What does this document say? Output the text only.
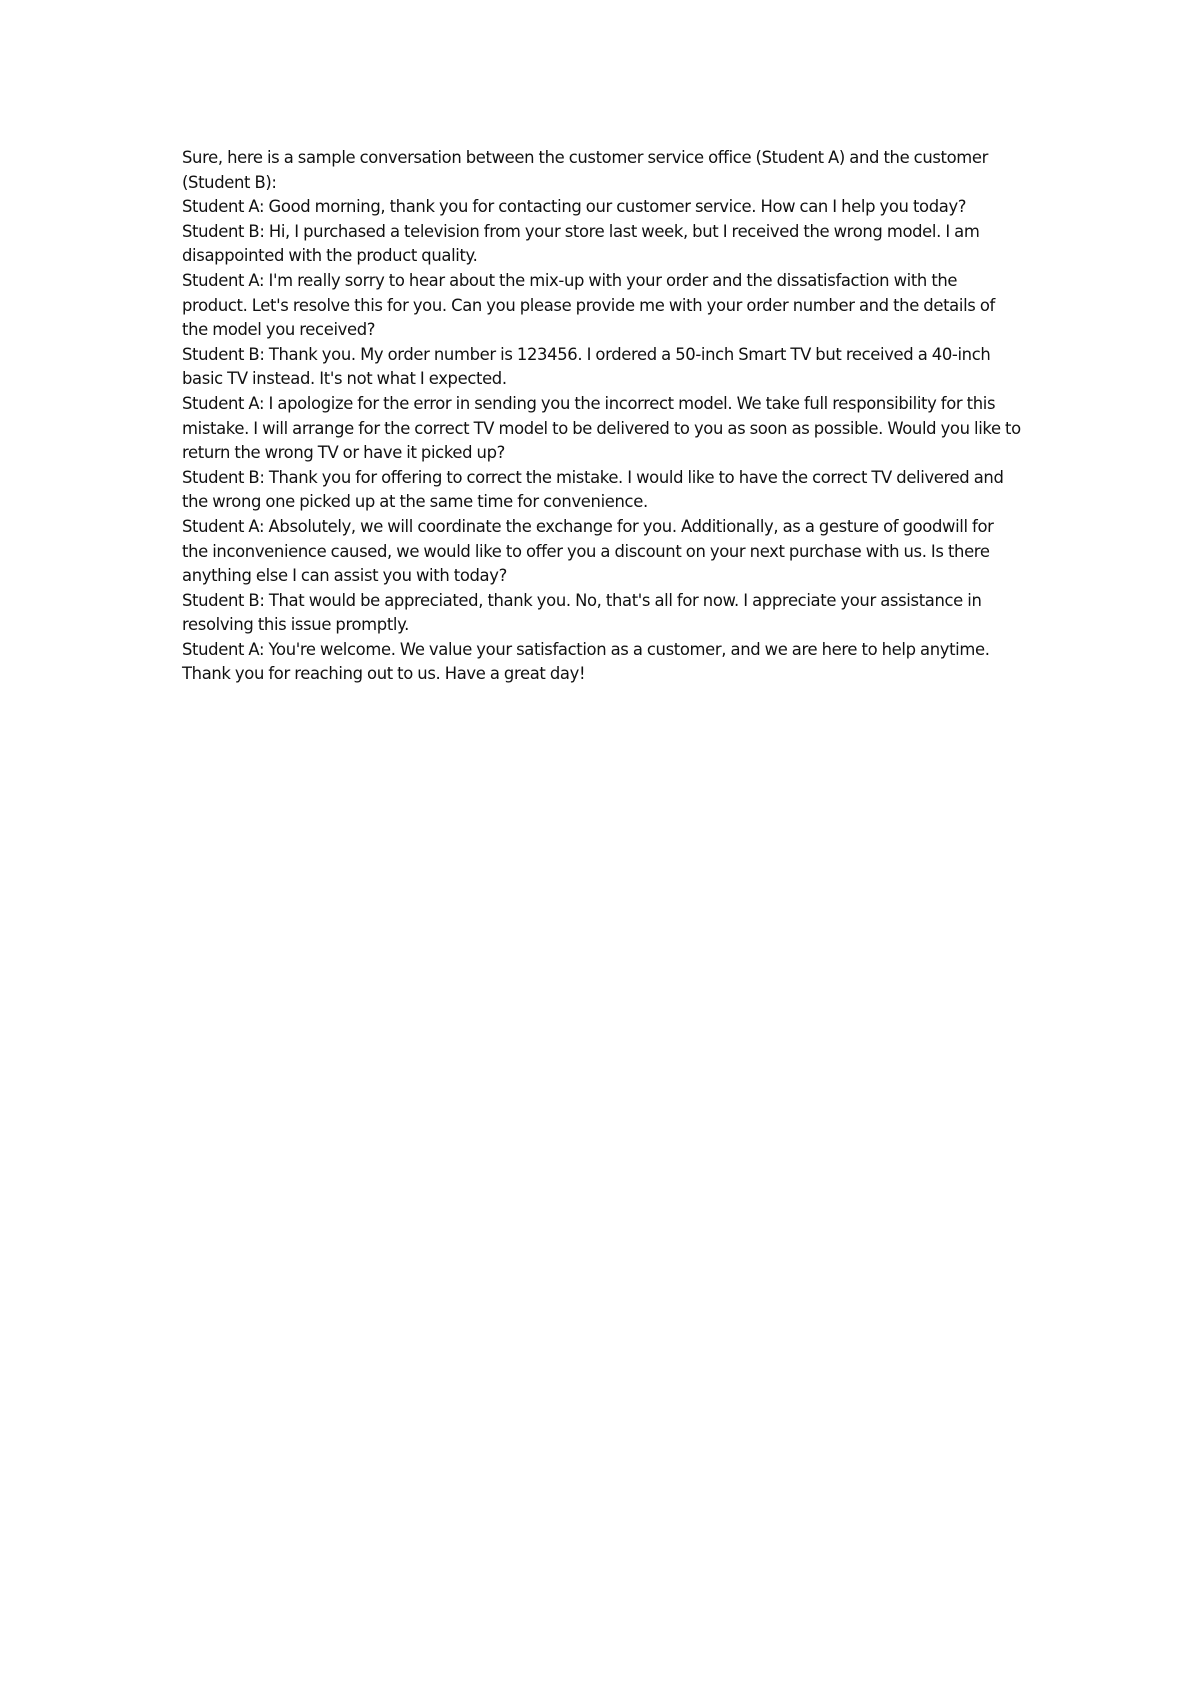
Sure, here is a sample conversation between the customer service office (Student A) and the customer (Student B):

Student A: Good morning, thank you for contacting our customer service. How can I help you today?

Student B: Hi, I purchased a television from your store last week, but I received the wrong model. I am disappointed with the product quality.

Student A: I'm really sorry to hear about the mix-up with your order and the dissatisfaction with the product. Let's resolve this for you. Can you please provide me with your order number and the details of the model you received?

Student B: Thank you. My order number is 123456. I ordered a 50-inch Smart TV but received a 40-inch basic TV instead. It's not what I expected.

Student A: I apologize for the error in sending you the incorrect model. We take full responsibility for this mistake. I will arrange for the correct TV model to be delivered to you as soon as possible. Would you like to return the wrong TV or have it picked up?

Student B: Thank you for offering to correct the mistake. I would like to have the correct TV delivered and the wrong one picked up at the same time for convenience.

Student A: Absolutely, we will coordinate the exchange for you. Additionally, as a gesture of goodwill for the inconvenience caused, we would like to offer you a discount on your next purchase with us. Is there anything else I can assist you with today?

Student B: That would be appreciated, thank you. No, that's all for now. I appreciate your assistance in resolving this issue promptly.

Student A: You're welcome. We value your satisfaction as a customer, and we are here to help anytime. Thank you for reaching out to us. Have a great day!
